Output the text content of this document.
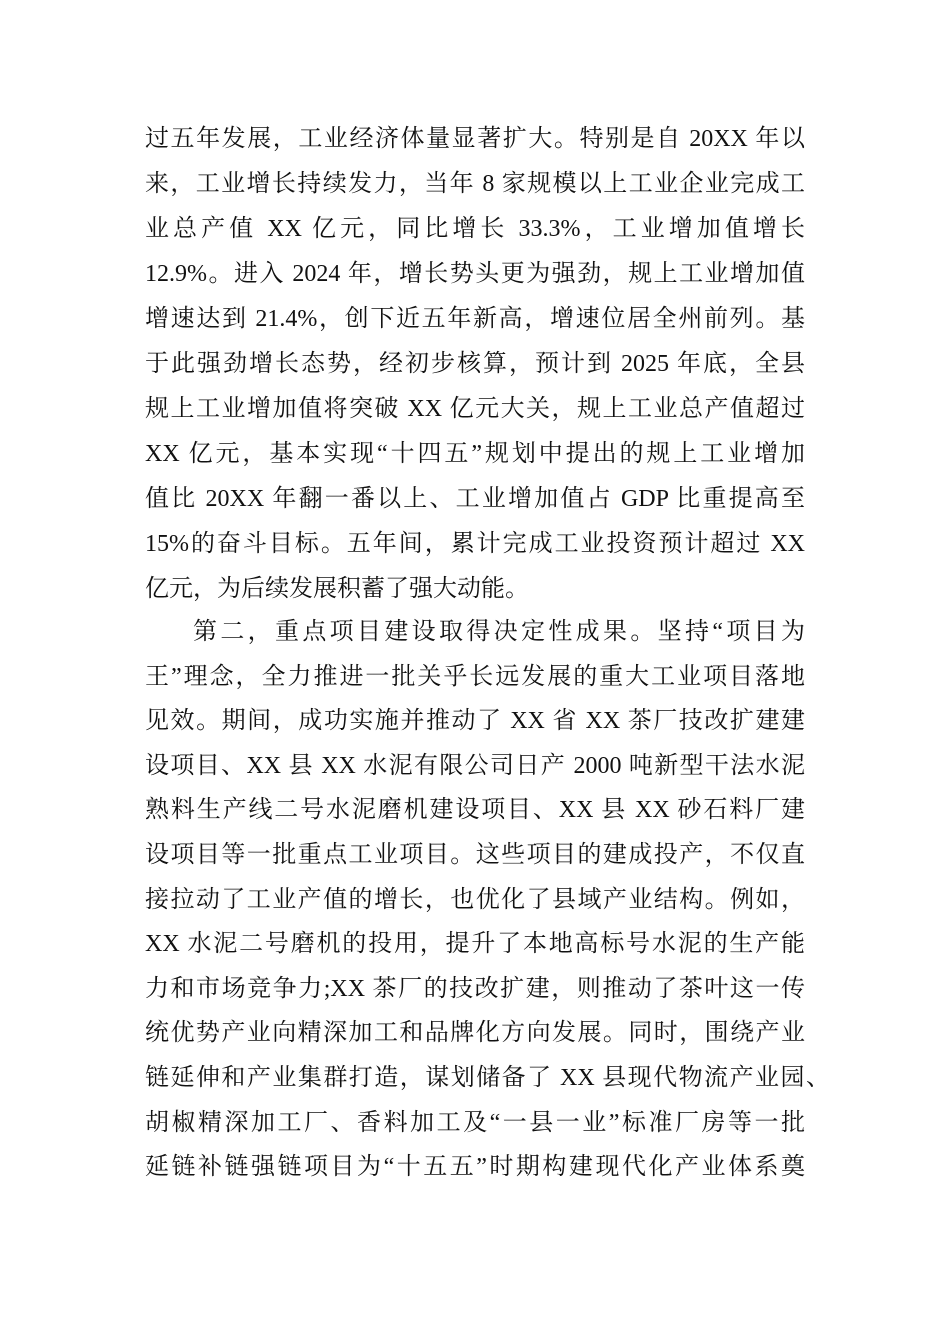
过五年发展，工业经济体量显著扩大。特别是自 20XX 年以
来，工业增长持续发力，当年 8 家规模以上工业企业完成工
业总产值 XX 亿元，同比增长 33.3%，工业增加值增长
12.9%。进入 2024 年，增长势头更为强劲，规上工业增加值
增速达到 21.4%，创下近五年新高，增速位居全州前列。基
于此强劲增长态势，经初步核算，预计到 2025 年底，全县
规上工业增加值将突破 XX 亿元大关，规上工业总产值超过
XX 亿元，基本实现“十四五”规划中提出的规上工业增加
值比 20XX 年翻一番以上、工业增加值占 GDP 比重提高至
15%的奋斗目标。五年间，累计完成工业投资预计超过 XX
亿元，为后续发展积蓄了强大动能。
第二，重点项目建设取得决定性成果。坚持“项目为
王”理念，全力推进一批关乎长远发展的重大工业项目落地
见效。期间，成功实施并推动了 XX 省 XX 茶厂技改扩建建
设项目、XX 县 XX 水泥有限公司日产 2000 吨新型干法水泥
熟料生产线二号水泥磨机建设项目、XX 县 XX 砂石料厂建
设项目等一批重点工业项目。这些项目的建成投产，不仅直
接拉动了工业产值的增长，也优化了县域产业结构。例如，
XX 水泥二号磨机的投用，提升了本地高标号水泥的生产能
力和市场竞争力;XX 茶厂的技改扩建，则推动了茶叶这一传
统优势产业向精深加工和品牌化方向发展。同时，围绕产业
链延伸和产业集群打造，谋划储备了 XX 县现代物流产业园、
胡椒精深加工厂、香料加工及“一县一业”标准厂房等一批
延链补链强链项目为“十五五”时期构建现代化产业体系奠
